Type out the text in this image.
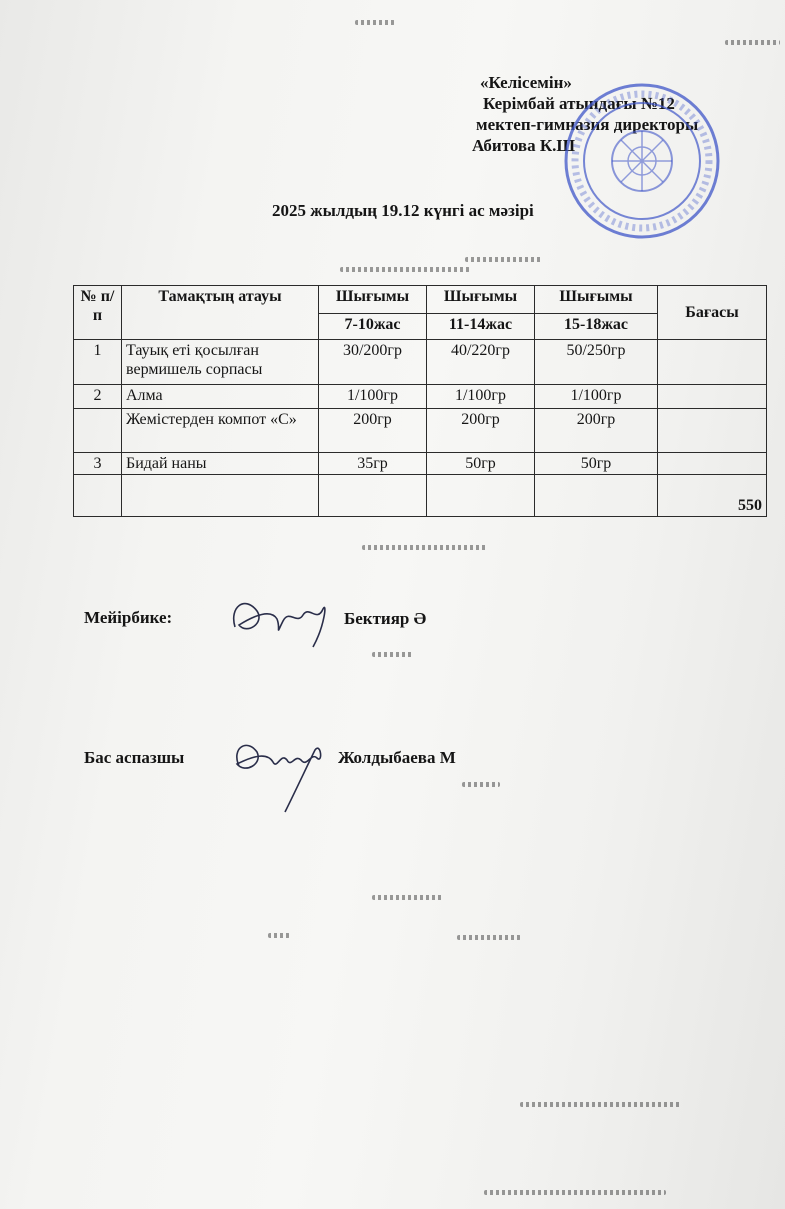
«Келісемін»
Керімбай атындағы №12
мектеп-гимназия директоры
Абитова К.Ш
2025 жылдың 19.12 күнгі ас мәзірі
№ п/п	Тамақтың атауы	Шығымы	Шығымы	Шығымы	Бағасы
		7-10жас	11-14жас	15-18жас	
1	Тауық еті қосылған вермишель сорпасы	30/200гр	40/220гр	50/250гр	
2	Алма	1/100гр	1/100гр	1/100гр	
	Жемістерден компот «С»	200гр	200гр	200гр	
3	Бидай наны	35гр	50гр	50гр	
					550
Мейірбике:	Бектияр Ә
Бас аспазшы	Жолдыбаева М
